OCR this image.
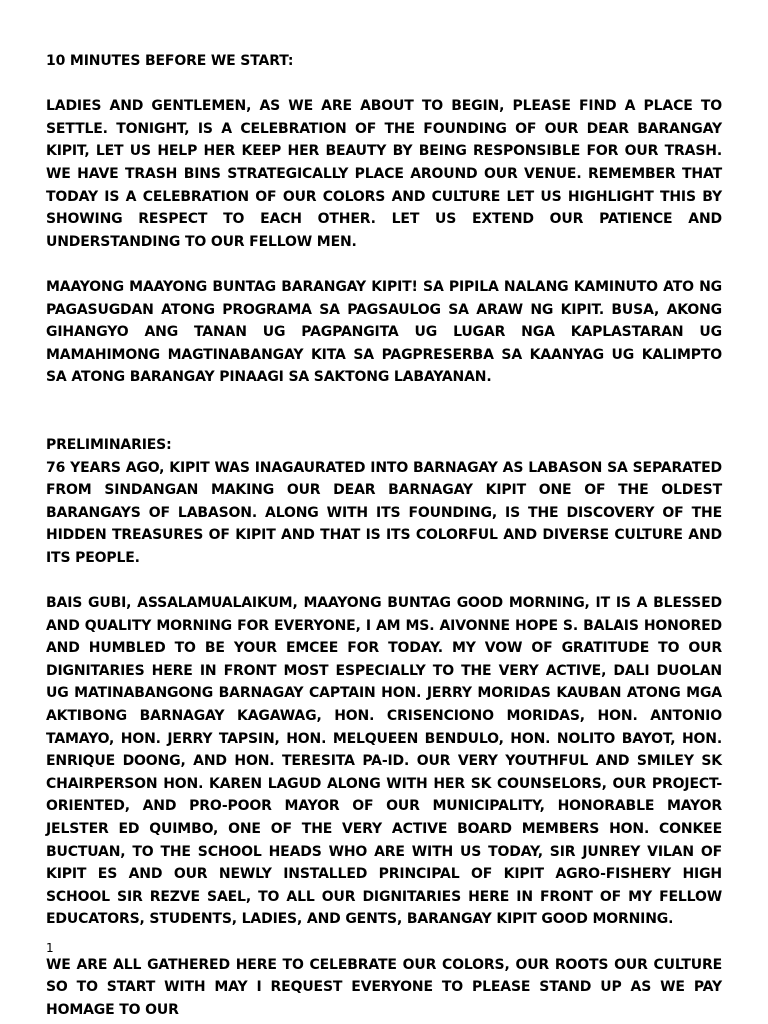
10 MINUTES BEFORE WE START:

LADIES AND GENTLEMEN, AS WE ARE ABOUT TO BEGIN, PLEASE FIND A PLACE TO SETTLE. TONIGHT, IS A CELEBRATION OF THE FOUNDING OF OUR DEAR BARANGAY KIPIT, LET US HELP HER KEEP HER BEAUTY BY BEING RESPONSIBLE FOR OUR TRASH. WE HAVE TRASH BINS STRATEGICALLY PLACE AROUND OUR VENUE. REMEMBER THAT TODAY IS A CELEBRATION OF OUR COLORS AND CULTURE LET US HIGHLIGHT THIS BY SHOWING RESPECT TO EACH OTHER. LET US EXTEND OUR PATIENCE AND UNDERSTANDING TO OUR FELLOW MEN.

MAAYONG MAAYONG BUNTAG BARANGAY KIPIT! SA PIPILA NALANG KAMINUTO ATO NG PAGASUGDAN ATONG PROGRAMA SA PAGSAULOG SA ARAW NG KIPIT. BUSA, AKONG GIHANGYO ANG TANAN UG PAGPANGITA UG LUGAR NGA KAPLASTARAN UG MAMAHIMONG MAGTINABANGAY KITA SA PAGPRESERBA SA KAANYAG UG KALIMPTO SA ATONG BARANGAY PINAAGI SA SAKTONG LABAYANAN.

PRELIMINARIES:

76 YEARS AGO, KIPIT WAS INAGAURATED INTO BARNAGAY AS LABASON SA SEPARATED FROM SINDANGAN MAKING OUR DEAR BARNAGAY KIPIT ONE OF THE OLDEST BARANGAYS OF LABASON. ALONG WITH ITS FOUNDING, IS THE DISCOVERY OF THE HIDDEN TREASURES OF KIPIT AND THAT IS ITS COLORFUL AND DIVERSE CULTURE AND ITS PEOPLE.

BAIS GUBI, ASSALAMUALAIKUM, MAAYONG BUNTAG GOOD MORNING, IT IS A BLESSED AND QUALITY MORNING FOR EVERYONE, I AM MS. AIVONNE HOPE S. BALAIS HONORED AND HUMBLED TO BE YOUR EMCEE FOR TODAY. MY VOW OF GRATITUDE TO OUR DIGNITARIES HERE IN FRONT MOST ESPECIALLY TO THE VERY ACTIVE, DALI DUOLAN UG MATINABANGONG BARNAGAY CAPTAIN HON. JERRY MORIDAS KAUBAN ATONG MGA AKTIBONG BARNAGAY KAGAWAG, HON. CRISENCIONO MORIDAS, HON. ANTONIO TAMAYO, HON. JERRY TAPSIN, HON. MELQUEEN BENDULO, HON. NOLITO BAYOT, HON. ENRIQUE DOONG, AND HON. TERESITA PA-ID. OUR VERY YOUTHFUL AND SMILEY SK CHAIRPERSON HON. KAREN LAGUD ALONG WITH HER SK COUNSELORS, OUR PROJECT-ORIENTED, AND PRO-POOR MAYOR OF OUR MUNICIPALITY, HONORABLE MAYOR JELSTER ED QUIMBO, ONE OF THE VERY ACTIVE BOARD MEMBERS HON. CONKEE BUCTUAN, TO THE SCHOOL HEADS WHO ARE WITH US TODAY, SIR JUNREY VILAN OF KIPIT ES AND OUR NEWLY INSTALLED PRINCIPAL OF KIPIT AGRO-FISHERY HIGH SCHOOL SIR REZVE SAEL, TO ALL OUR DIGNITARIES HERE IN FRONT OF MY FELLOW EDUCATORS, STUDENTS, LADIES, AND GENTS, BARANGAY KIPIT GOOD MORNING.

WE ARE ALL GATHERED HERE TO CELEBRATE OUR COLORS, OUR ROOTS OUR CULTURE SO TO START WITH MAY I REQUEST EVERYONE TO PLEASE STAND UP AS WE PAY HOMAGE TO OUR

1
